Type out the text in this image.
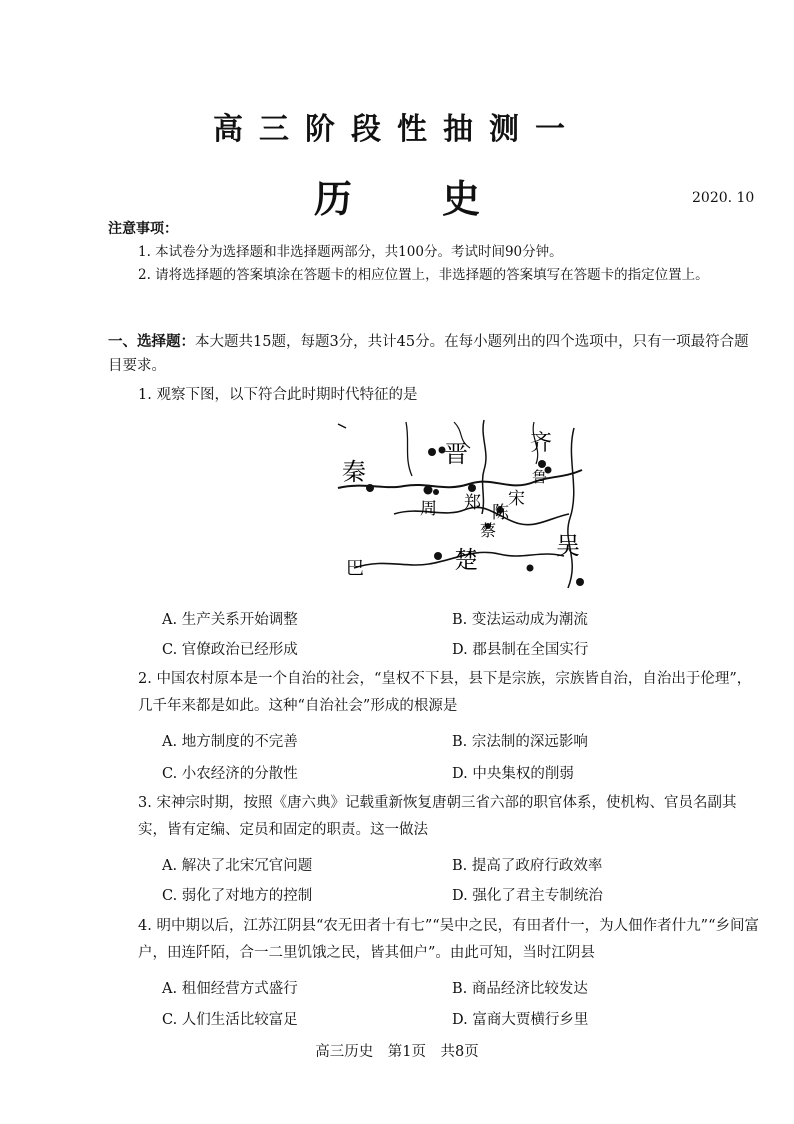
高三阶段性抽测一
历史	2020. 10
注意事项：
1. 本试卷分为选择题和非选择题两部分，共100分。考试时间90分钟。
2. 请将选择题的答案填涂在答题卡的相应位置上，非选择题的答案填写在答题卡的指定位置上。
一、选择题：本大题共15题，每题3分，共计45分。在每小题列出的四个选项中，只有一项最符合题目要求。
1. 观察下图，以下符合此时期时代特征的是
晋	齐
鲁
秦
周 郑 宋
陈
蔡
吴
巴	楚
A. 生产关系开始调整	B. 变法运动成为潮流
C. 官僚政治已经形成	D. 郡县制在全国实行
2. 中国农村原本是一个自治的社会，“皇权不下县，县下是宗族，宗族皆自治，自治出于伦理”，几千年来都是如此。这种“自治社会”形成的根源是
A. 地方制度的不完善	B. 宗法制的深远影响
C. 小农经济的分散性	D. 中央集权的削弱
3. 宋神宗时期，按照《唐六典》记载重新恢复唐朝三省六部的职官体系，使机构、官员名副其实，皆有定编、定员和固定的职责。这一做法
A. 解决了北宋冗官问题	B. 提高了政府行政效率
C. 弱化了对地方的控制	D. 强化了君主专制统治
4. 明中期以后，江苏江阴县“农无田者十有七”“吴中之民，有田者什一，为人佃作者什九”“乡间富户，田连阡陌，合一二里饥饿之民，皆其佃户”。由此可知，当时江阴县
A. 租佃经营方式盛行	B. 商品经济比较发达
C. 人们生活比较富足	D. 富商大贾横行乡里
高三历史　第1页　共8页
